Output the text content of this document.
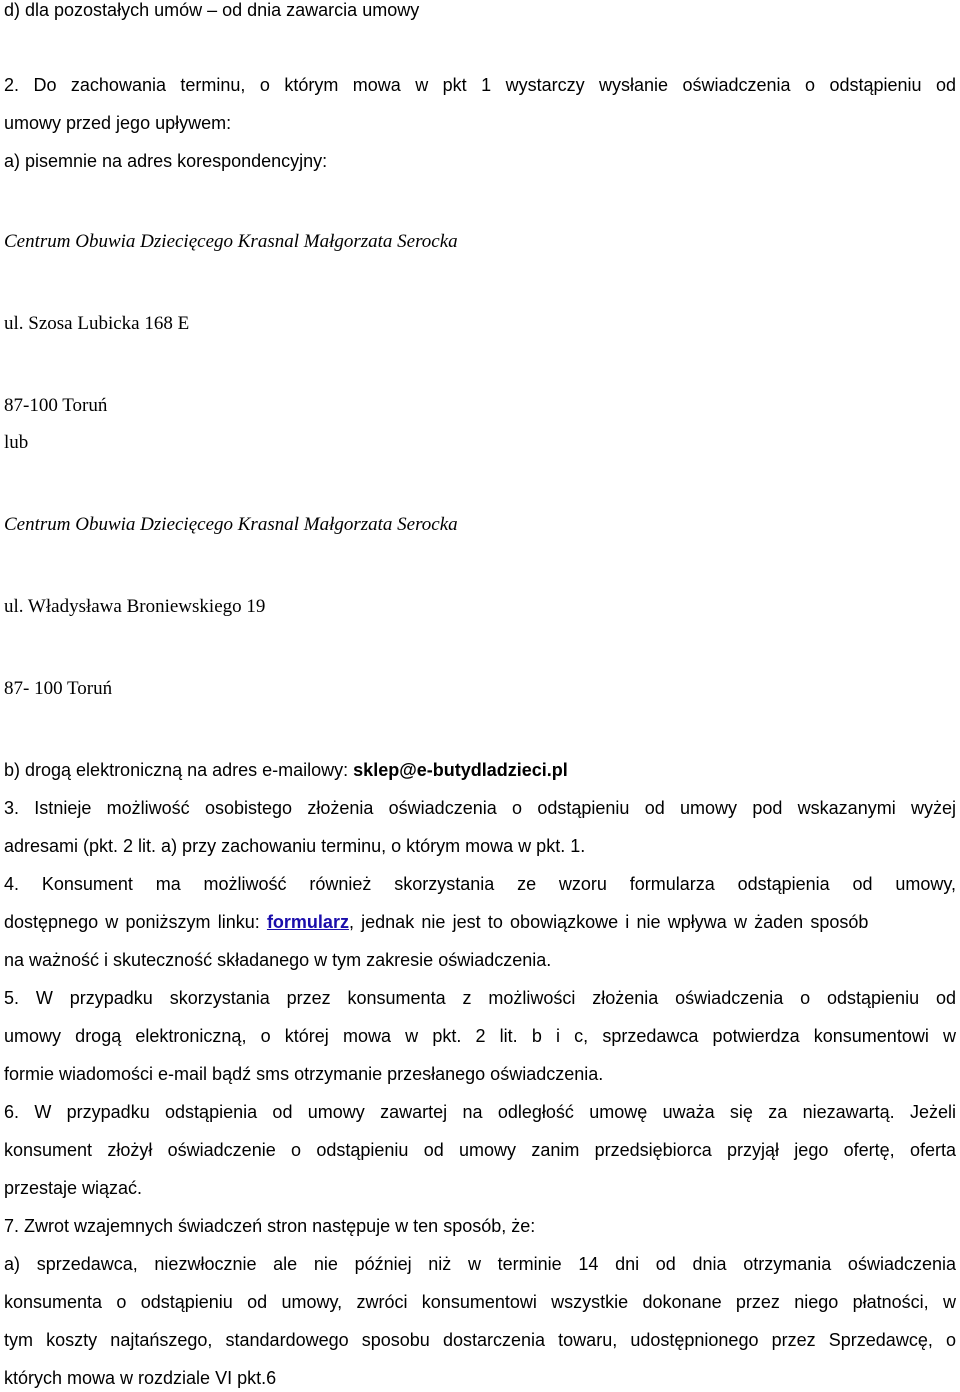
d) dla pozostałych umów – od dnia zawarcia umowy
2. Do zachowania terminu, o którym mowa w pkt 1 wystarczy wysłanie oświadczenia o odstąpieniu od
umowy przed jego upływem:
a) pisemnie na adres korespondencyjny:
Centrum Obuwia Dziecięcego Krasnal Małgorzata Serocka
ul. Szosa Lubicka 168 E
87-100 Toruń
lub
Centrum Obuwia Dziecięcego Krasnal Małgorzata Serocka
ul. Władysława Broniewskiego 19
87- 100 Toruń
b) drogą elektroniczną na adres e-mailowy: sklep@e-butydladzieci.pl
3. Istnieje możliwość osobistego złożenia oświadczenia o odstąpieniu od umowy pod wskazanymi wyżej
adresami (pkt. 2 lit. a) przy zachowaniu terminu, o którym mowa w pkt. 1.
4. Konsument ma możliwość również skorzystania ze wzoru formularza odstąpienia od umowy,
dostępnego w poniższym linku: formularz, jednak nie jest to obowiązkowe i nie wpływa w żaden sposób
na ważność i skuteczność składanego w tym zakresie oświadczenia.
5. W przypadku skorzystania przez konsumenta z możliwości złożenia oświadczenia o odstąpieniu od
umowy drogą elektroniczną, o której mowa w pkt. 2 lit. b i c, sprzedawca potwierdza konsumentowi w
formie wiadomości e-mail bądź sms otrzymanie przesłanego oświadczenia.
6. W przypadku odstąpienia od umowy zawartej na odległość umowę uważa się za niezawartą. Jeżeli
konsument złożył oświadczenie o odstąpieniu od umowy zanim przedsiębiorca przyjął jego ofertę, oferta
przestaje wiązać.
7. Zwrot wzajemnych świadczeń stron następuje w ten sposób, że:
a) sprzedawca, niezwłocznie ale nie później niż w terminie 14 dni od dnia otrzymania oświadczenia
konsumenta o odstąpieniu od umowy, zwróci konsumentowi wszystkie dokonane przez niego płatności, w
tym koszty najtańszego, standardowego sposobu dostarczenia towaru, udostępnionego przez Sprzedawcę, o
których mowa w rozdziale VI pkt.6
